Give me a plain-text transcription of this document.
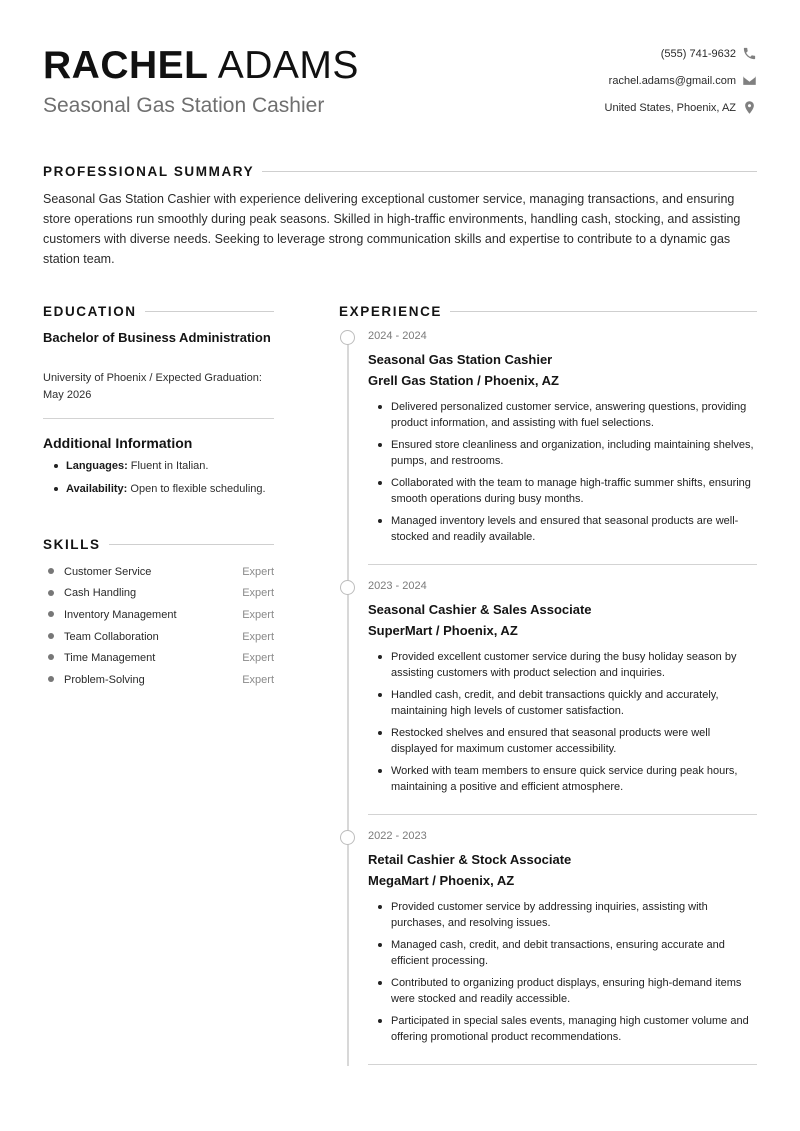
RACHEL ADAMS
Seasonal Gas Station Cashier
(555) 741-9632
rachel.adams@gmail.com
United States, Phoenix, AZ
PROFESSIONAL SUMMARY
Seasonal Gas Station Cashier with experience delivering exceptional customer service, managing transactions, and ensuring store operations run smoothly during peak seasons. Skilled in high-traffic environments, handling cash, stocking, and assisting customers with diverse needs. Seeking to leverage strong communication skills and expertise to contribute to a dynamic gas station team.
EDUCATION
Bachelor of Business Administration
University of Phoenix / Expected Graduation: May 2026
Additional Information
Languages: Fluent in Italian.
Availability: Open to flexible scheduling.
SKILLS
Customer Service	Expert
Cash Handling	Expert
Inventory Management	Expert
Team Collaboration	Expert
Time Management	Expert
Problem-Solving	Expert
EXPERIENCE
2024 - 2024
Seasonal Gas Station Cashier
Grell Gas Station / Phoenix, AZ
Delivered personalized customer service, answering questions, providing product information, and assisting with fuel selections.
Ensured store cleanliness and organization, including maintaining shelves, pumps, and restrooms.
Collaborated with the team to manage high-traffic summer shifts, ensuring smooth operations during busy months.
Managed inventory levels and ensured that seasonal products are well-stocked and readily available.
2023 - 2024
Seasonal Cashier & Sales Associate
SuperMart / Phoenix, AZ
Provided excellent customer service during the busy holiday season by assisting customers with product selection and inquiries.
Handled cash, credit, and debit transactions quickly and accurately, maintaining high levels of customer satisfaction.
Restocked shelves and ensured that seasonal products were well displayed for maximum customer accessibility.
Worked with team members to ensure quick service during peak hours, maintaining a positive and efficient atmosphere.
2022 - 2023
Retail Cashier & Stock Associate
MegaMart / Phoenix, AZ
Provided customer service by addressing inquiries, assisting with purchases, and resolving issues.
Managed cash, credit, and debit transactions, ensuring accurate and efficient processing.
Contributed to organizing product displays, ensuring high-demand items were stocked and readily accessible.
Participated in special sales events, managing high customer volume and offering promotional product recommendations.
